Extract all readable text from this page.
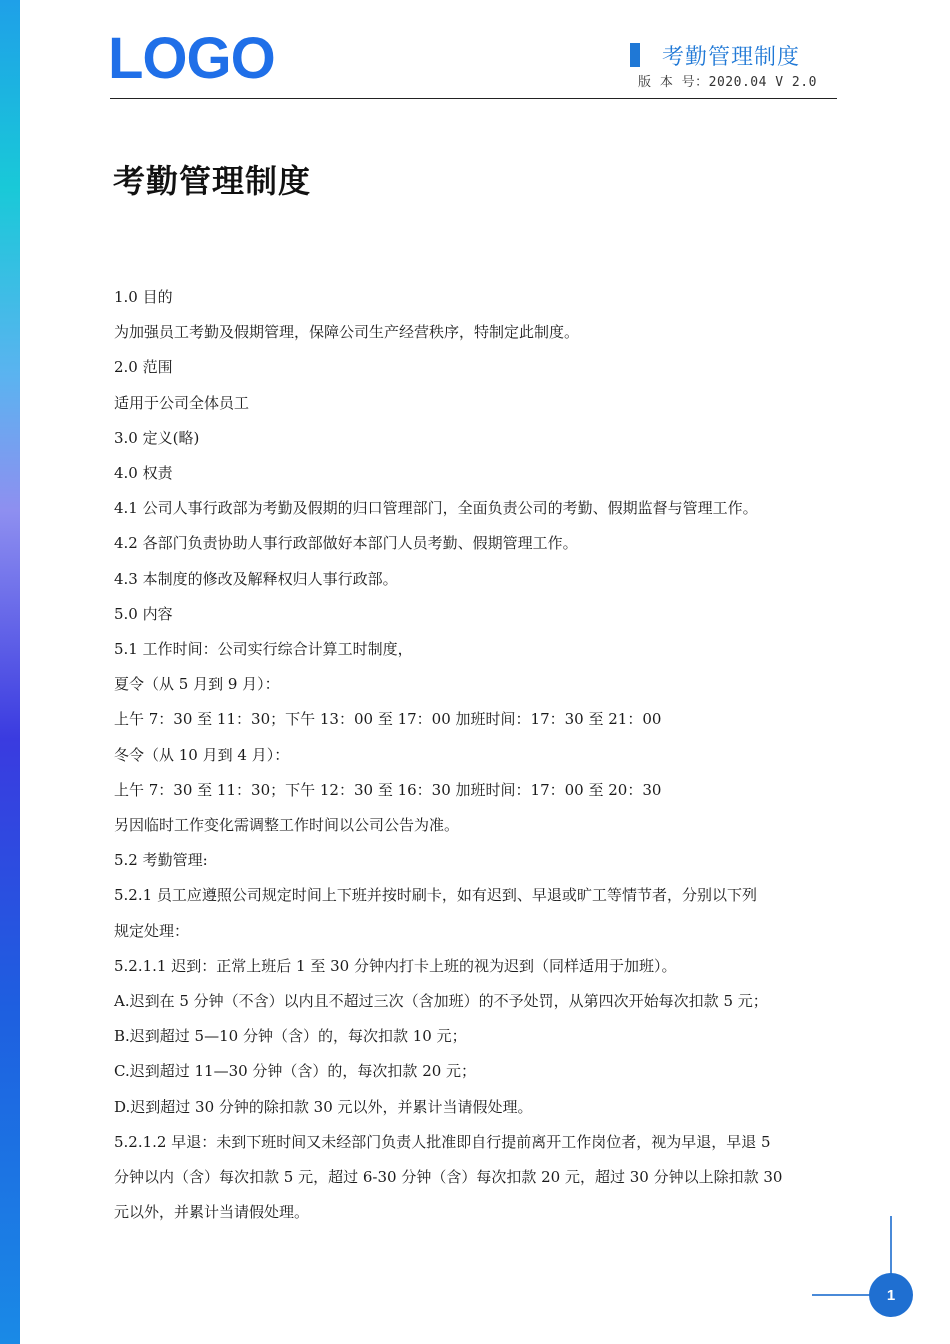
LOGO	考勤管理制度
版 本 号：2020.04 V 2.0
考勤管理制度
1.0 目的
为加强员工考勤及假期管理，保障公司生产经营秩序，特制定此制度。
2.0 范围
适用于公司全体员工
3.0 定义(略)
4.0 权责
4.1 公司人事行政部为考勤及假期的归口管理部门，全面负责公司的考勤、假期监督与管理工作。
4.2 各部门负责协助人事行政部做好本部门人员考勤、假期管理工作。
4.3 本制度的修改及解释权归人事行政部。
5.0 内容
5.1 工作时间：公司实行综合计算工时制度，
夏令（从 5 月到 9 月）：
上午 7：30 至 11：30；下午 13：00 至 17：00 加班时间：17：30 至 21：00
冬令（从 10 月到 4 月）：
上午 7：30 至 11：30；下午 12：30 至 16：30 加班时间：17：00 至 20：30
另因临时工作变化需调整工作时间以公司公告为准。
5.2 考勤管理:
5.2.1 员工应遵照公司规定时间上下班并按时刷卡，如有迟到、早退或旷工等情节者，分别以下列
规定处理：
5.2.1.1 迟到：正常上班后 1 至 30 分钟内打卡上班的视为迟到（同样适用于加班）。
A.迟到在 5 分钟（不含）以内且不超过三次（含加班）的不予处罚，从第四次开始每次扣款 5 元；
B.迟到超过 5—10 分钟（含）的，每次扣款 10 元；
C.迟到超过 11—30 分钟（含）的，每次扣款 20 元；
D.迟到超过 30 分钟的除扣款 30 元以外，并累计当请假处理。
5.2.1.2 早退：未到下班时间又未经部门负责人批准即自行提前离开工作岗位者，视为早退，早退 5
分钟以内（含）每次扣款 5 元，超过 6-30 分钟（含）每次扣款 20 元，超过 30 分钟以上除扣款 30
元以外，并累计当请假处理。
1
